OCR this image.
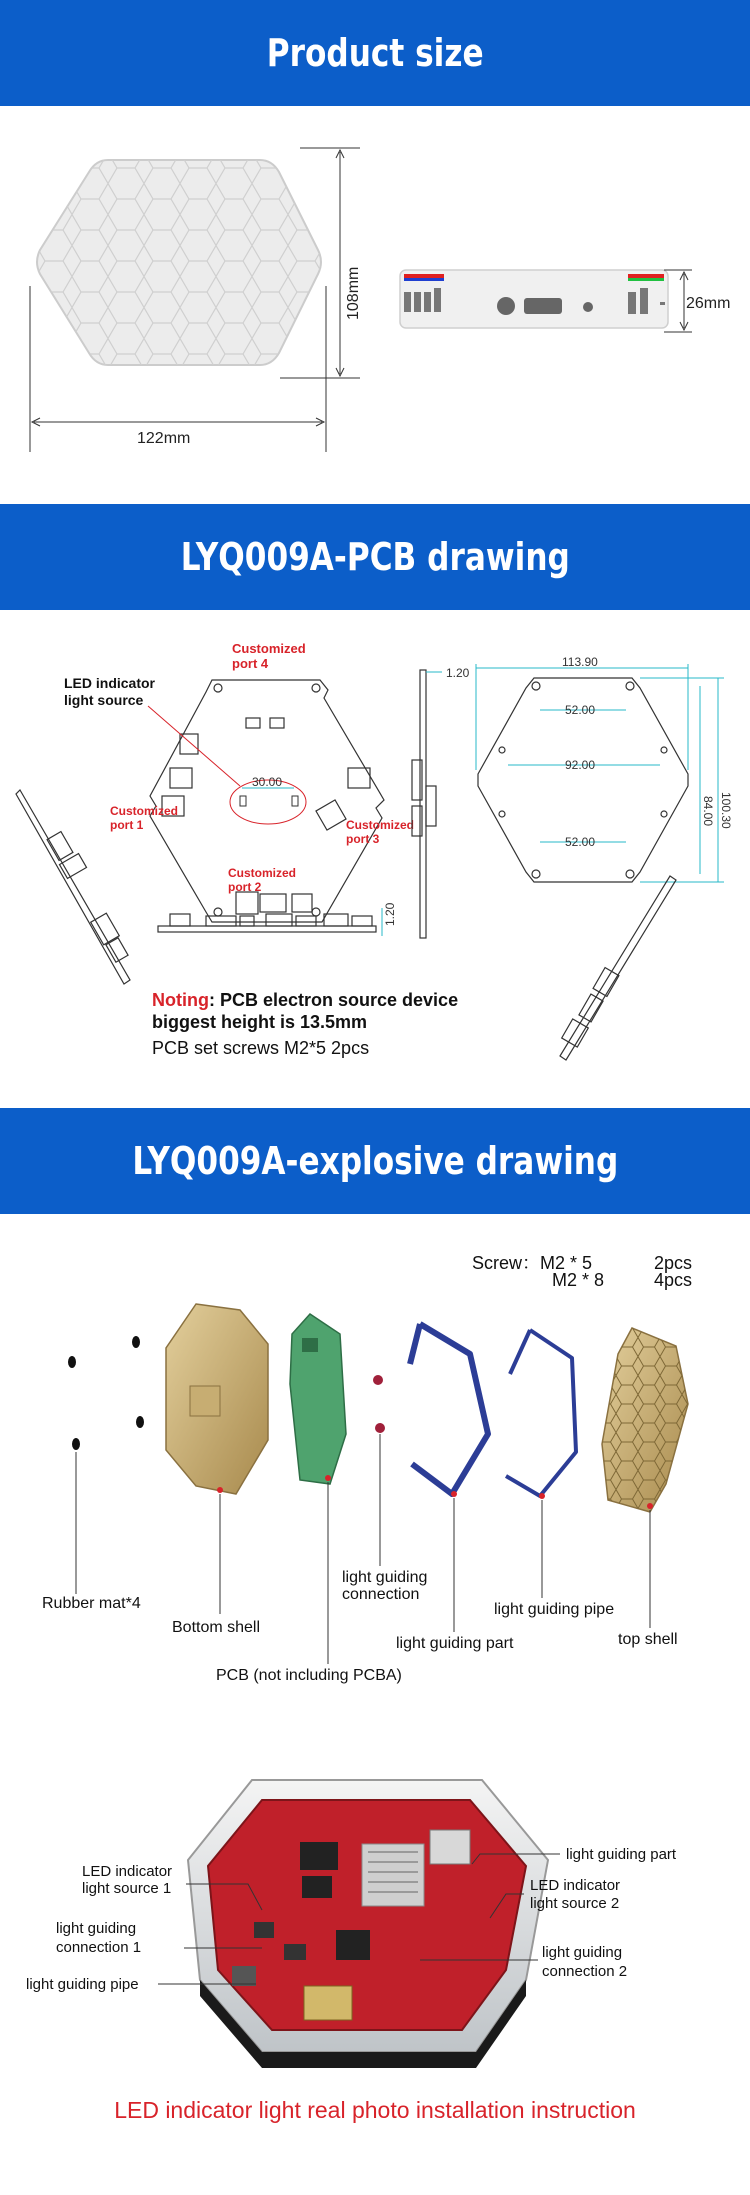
Product size
108mm
122mm
26mm
LYQ009A-PCB drawing
30.00
Customized
port 4
LED indicator
light source
Customized
port 1	Customized
port 3
Customized
port 2
1.20
1.20
113.90
52.00
92.00
52.00
84.00 100.30
Noting: PCB electron source device
biggest height is 13.5mm
PCB set screws M2*5 2pcs
LYQ009A-explosive drawing
Screw：M2 * 5	2pcs
M2 * 8	4pcs
Rubber mat*4
Bottom shell
PCB (not including PCBA)
light guiding
connection
light guiding part
light guiding pipe
top shell
LED indicator
light source 1
light guiding
connection 1
light guiding pipe
light guiding part
LED indicator
light source 2
light guiding
connection 2
LED indicator light real photo installation instruction
